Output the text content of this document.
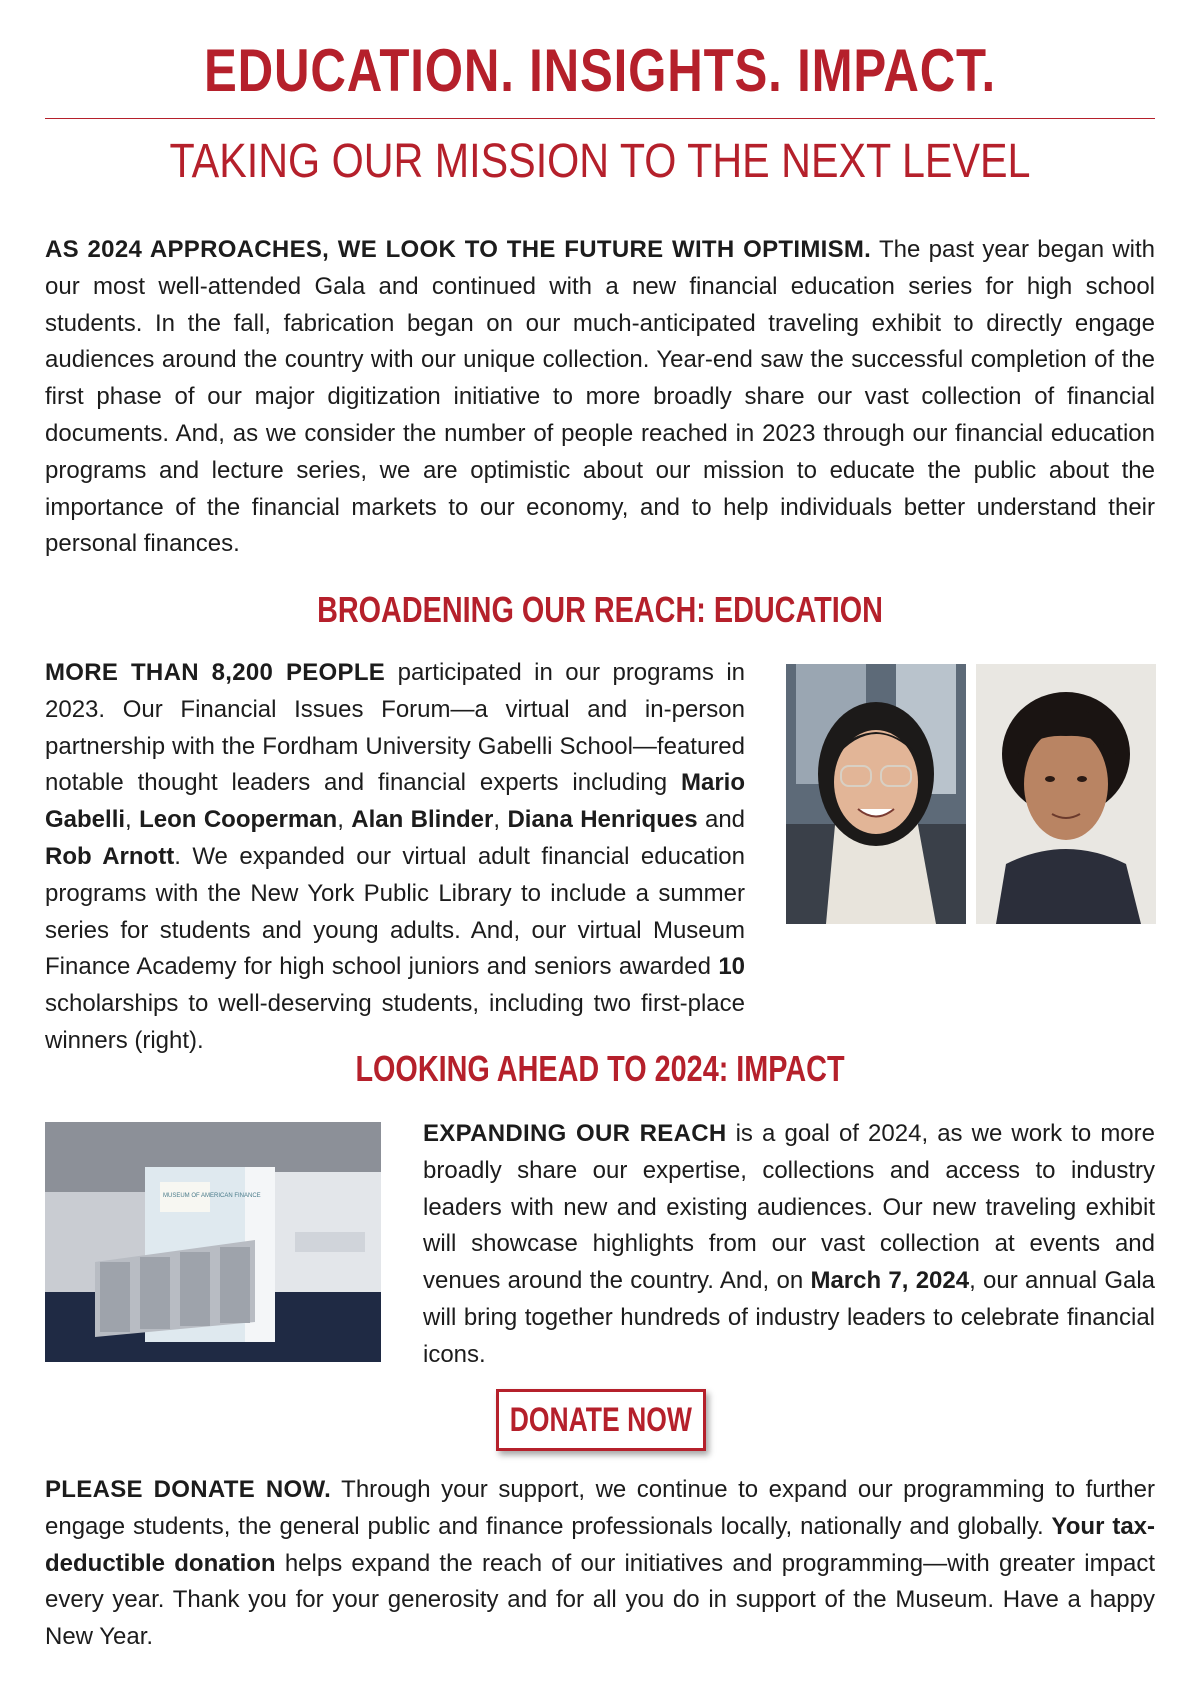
EDUCATION. INSIGHTS. IMPACT.
TAKING OUR MISSION TO THE NEXT LEVEL

AS 2024 APPROACHES, WE LOOK TO THE FUTURE WITH OPTIMISM. The past year began with our most well-attended Gala and continued with a new financial education series for high school students. In the fall, fabrication began on our much-anticipated traveling exhibit to directly engage audiences around the country with our unique collection. Year-end saw the successful completion of the first phase of our major digitization initiative to more broadly share our vast collection of financial documents. And, as we consider the number of people reached in 2023 through our financial education programs and lecture series, we are optimistic about our mission to educate the public about the importance of the financial markets to our economy, and to help individuals better understand their personal finances.

BROADENING OUR REACH: EDUCATION

MORE THAN 8,200 PEOPLE participated in our programs in 2023. Our Financial Issues Forum—a virtual and in-person partnership with the Fordham University Gabelli School—featured notable thought leaders and financial experts including Mario Gabelli, Leon Cooperman, Alan Blinder, Diana Henriques and Rob Arnott. We expanded our virtual adult financial education programs with the New York Public Library to include a summer series for students and young adults. And, our virtual Museum Finance Academy for high school juniors and seniors awarded 10 scholarships to well-deserving students, including two first-place winners (right).

LOOKING AHEAD TO 2024: IMPACT
MUSEUM OF AMERICAN FINANCE

EXPANDING OUR REACH is a goal of 2024, as we work to more broadly share our expertise, collections and access to industry leaders with new and existing audiences. Our new traveling exhibit will showcase highlights from our vast collection at events and venues around the country. And, on March 7, 2024, our annual Gala will bring together hundreds of industry leaders to celebrate financial icons.

DONATE NOW

PLEASE DONATE NOW. Through your support, we continue to expand our programming to further engage students, the general public and finance professionals locally, nationally and globally. Your tax-deductible donation helps expand the reach of our initiatives and programming—with greater impact every year. Thank you for your generosity and for all you do in support of the Museum. Have a happy New Year.
